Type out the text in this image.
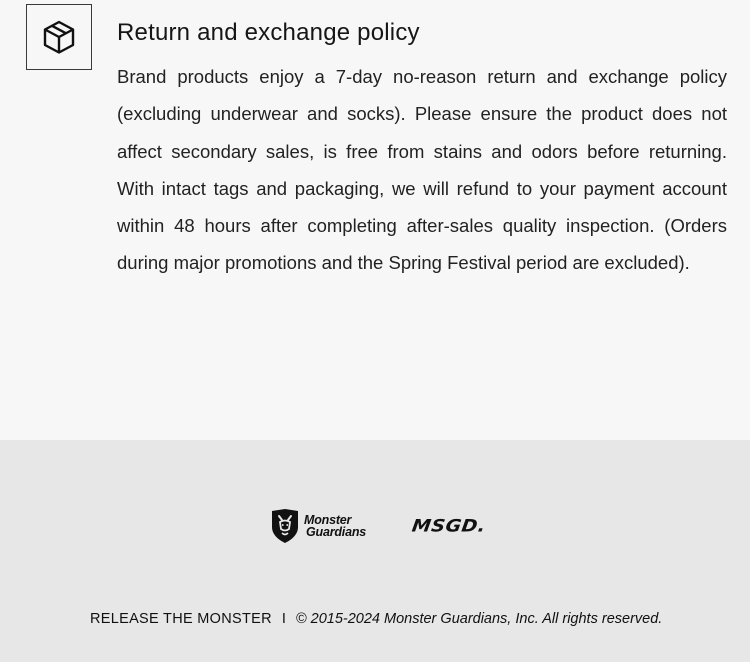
Return and exchange policy

Brand products enjoy a 7-day no-reason return and exchange policy (excluding underwear and socks). Please ensure the product does not affect secondary sales, is free from stains and odors before returning. With intact tags and packaging, we will refund to your payment account within 48 hours after completing after-sales quality inspection. (Orders during major promotions and the Spring Festival period are excluded).

Monster
Guardians MSGD.
RELEASE THE MONSTER I © 2015-2024 Monster Guardians, Inc. All rights reserved.
